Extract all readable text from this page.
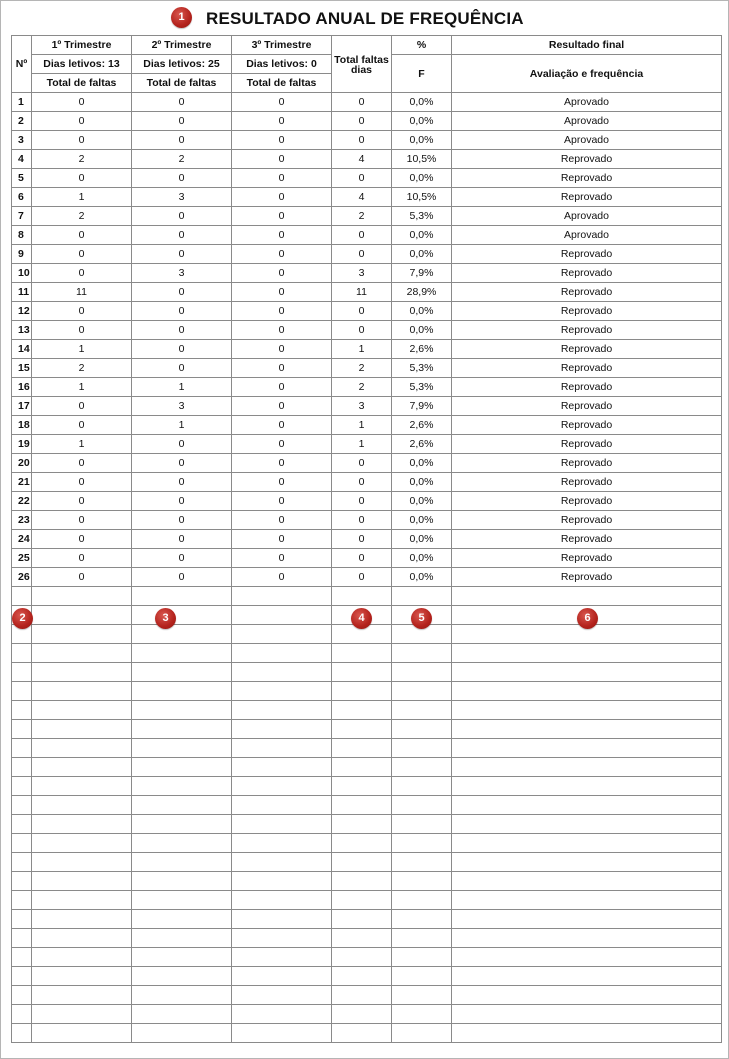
1	RESULTADO ANUAL DE FREQUÊNCIA
Nº	1º Trimestre	2º Trimestre	3º Trimestre	Total faltas dias	%	Resultado final
	Dias letivos: 13	Dias letivos: 25	Dias letivos: 0		F	Avaliação e frequência
	Total de faltas	Total de faltas	Total de faltas			
1	0	0	0	0	0,0%	Aprovado
2	0	0	0	0	0,0%	Aprovado
3	0	0	0	0	0,0%	Aprovado
4	2	2	0	4	10,5%	Reprovado
5	0	0	0	0	0,0%	Reprovado
6	1	3	0	4	10,5%	Reprovado
7	2	0	0	2	5,3%	Aprovado
8	0	0	0	0	0,0%	Aprovado
9	0	0	0	0	0,0%	Reprovado
10	0	3	0	3	7,9%	Reprovado
11	11	0	0	11	28,9%	Reprovado
12	0	0	0	0	0,0%	Reprovado
13	0	0	0	0	0,0%	Reprovado
14	1	0	0	1	2,6%	Reprovado
15	2	0	0	2	5,3%	Reprovado
16	1	1	0	2	5,3%	Reprovado
17	0	3	0	3	7,9%	Reprovado
18	0	1	0	1	2,6%	Reprovado
19	1	0	0	1	2,6%	Reprovado
20	0	0	0	0	0,0%	Reprovado
21	0	0	0	0	0,0%	Reprovado
22	0	0	0	0	0,0%	Reprovado
23	0	0	0	0	0,0%	Reprovado
24	0	0	0	0	0,0%	Reprovado
25	0	0	0	0	0,0%	Reprovado
26	0	0	0	0	0,0%	Reprovado

2	3	4	5	6
